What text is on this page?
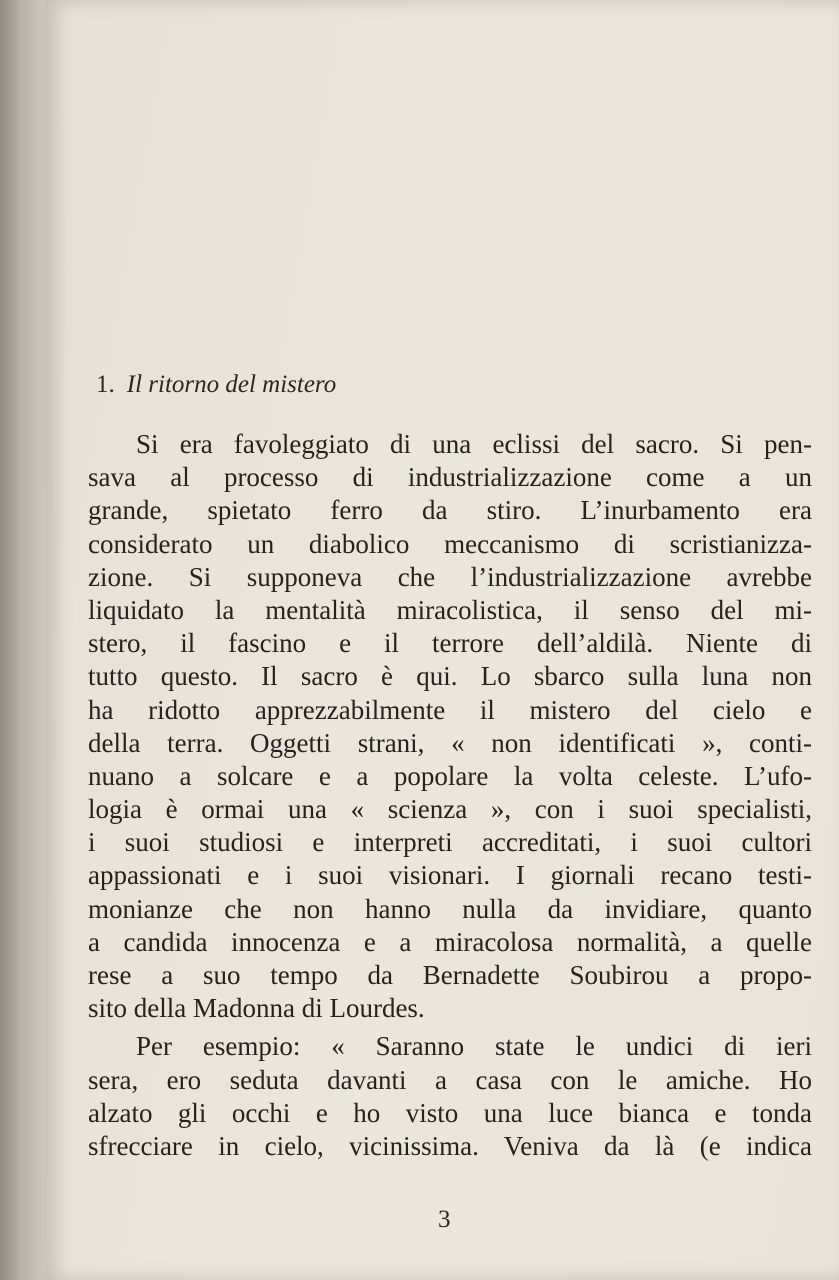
1. Il ritorno del mistero
Si era favoleggiato di una eclissi del sacro. Si pen-
sava al processo di industrializzazione come a un
grande, spietato ferro da stiro. L’inurbamento era
considerato un diabolico meccanismo di scristianizza-
zione. Si supponeva che l’industrializzazione avrebbe
liquidato la mentalità miracolistica, il senso del mi-
stero, il fascino e il terrore dell’aldilà. Niente di
tutto questo. Il sacro è qui. Lo sbarco sulla luna non
ha ridotto apprezzabilmente il mistero del cielo e
della terra. Oggetti strani, « non identificati », conti-
nuano a solcare e a popolare la volta celeste. L’ufo-
logia è ormai una « scienza », con i suoi specialisti,
i suoi studiosi e interpreti accreditati, i suoi cultori
appassionati e i suoi visionari. I giornali recano testi-
monianze che non hanno nulla da invidiare, quanto
a candida innocenza e a miracolosa normalità, a quelle
rese a suo tempo da Bernadette Soubirou a propo-
sito della Madonna di Lourdes.
Per esempio: « Saranno state le undici di ieri
sera, ero seduta davanti a casa con le amiche. Ho
alzato gli occhi e ho visto una luce bianca e tonda
sfrecciare in cielo, vicinissima. Veniva da là (e indica
3
